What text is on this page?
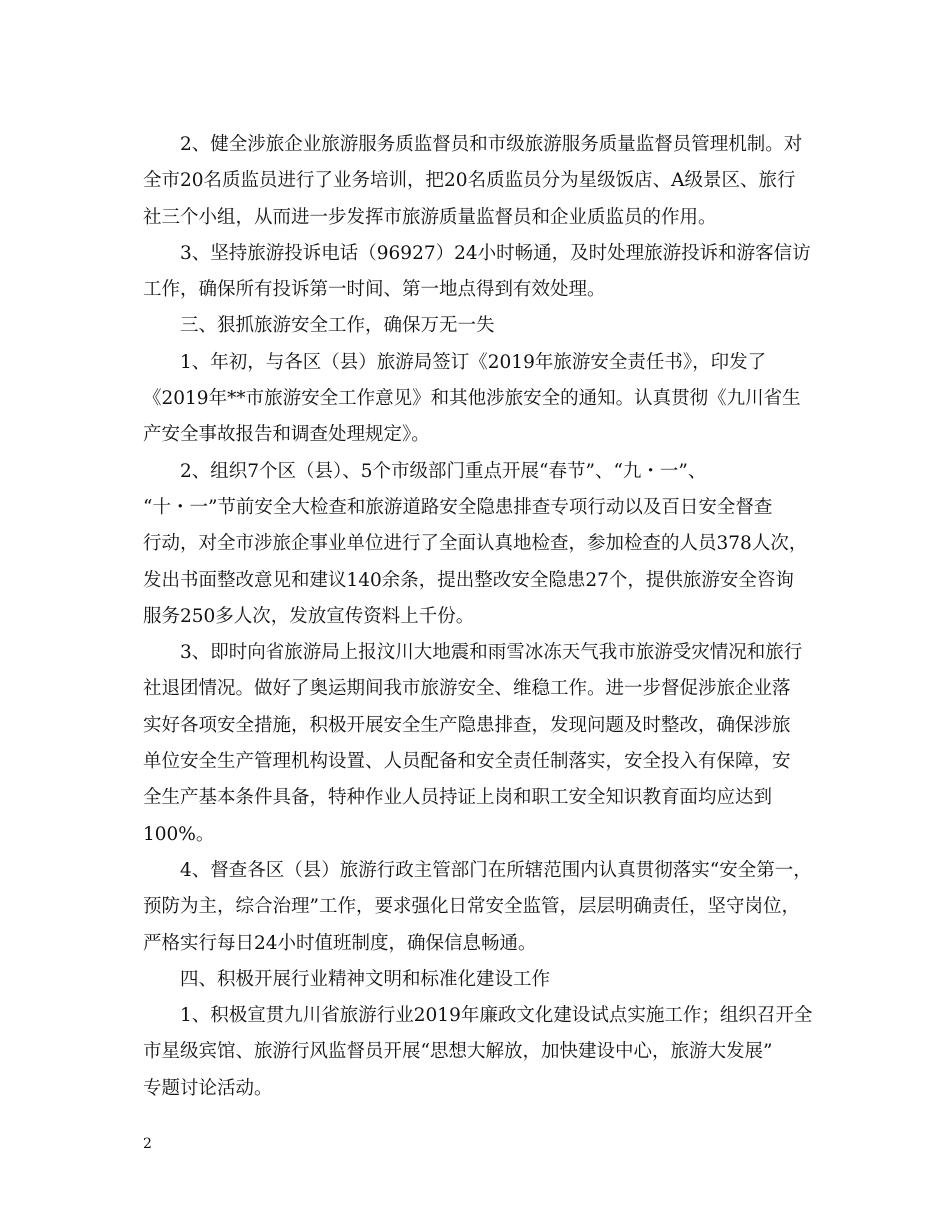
2、健全涉旅企业旅游服务质监督员和市级旅游服务质量监督员管理机制。对
全市20名质监员进行了业务培训，把20名质监员分为星级饭店、A级景区、旅行
社三个小组，从而进一步发挥市旅游质量监督员和企业质监员的作用。
3、坚持旅游投诉电话（96927）24小时畅通，及时处理旅游投诉和游客信访
工作，确保所有投诉第一时间、第一地点得到有效处理。
三、狠抓旅游安全工作，确保万无一失
1、年初，与各区（县）旅游局签订《2019年旅游安全责任书》，印发了
《2019年**市旅游安全工作意见》和其他涉旅安全的通知。认真贯彻《九川省生
产安全事故报告和调查处理规定》。
2、组织7个区（县）、5个市级部门重点开展“春节”、“九・一”、
“十・一”节前安全大检查和旅游道路安全隐患排查专项行动以及百日安全督查
行动，对全市涉旅企事业单位进行了全面认真地检查，参加检查的人员378人次，
发出书面整改意见和建议140余条，提出整改安全隐患27个，提供旅游安全咨询
服务250多人次，发放宣传资料上千份。
3、即时向省旅游局上报汶川大地震和雨雪冰冻天气我市旅游受灾情况和旅行
社退团情况。做好了奥运期间我市旅游安全、维稳工作。进一步督促涉旅企业落
实好各项安全措施，积极开展安全生产隐患排查，发现问题及时整改，确保涉旅
单位安全生产管理机构设置、人员配备和安全责任制落实，安全投入有保障，安
全生产基本条件具备，特种作业人员持证上岗和职工安全知识教育面均应达到
100%。
4、督查各区（县）旅游行政主管部门在所辖范围内认真贯彻落实“安全第一，
预防为主，综合治理”工作，要求强化日常安全监管，层层明确责任，坚守岗位，
严格实行每日24小时值班制度，确保信息畅通。
四、积极开展行业精神文明和标准化建设工作
1、积极宣贯九川省旅游行业2019年廉政文化建设试点实施工作；组织召开全
市星级宾馆、旅游行风监督员开展“思想大解放，加快建设中心，旅游大发展”
专题讨论活动。
2
